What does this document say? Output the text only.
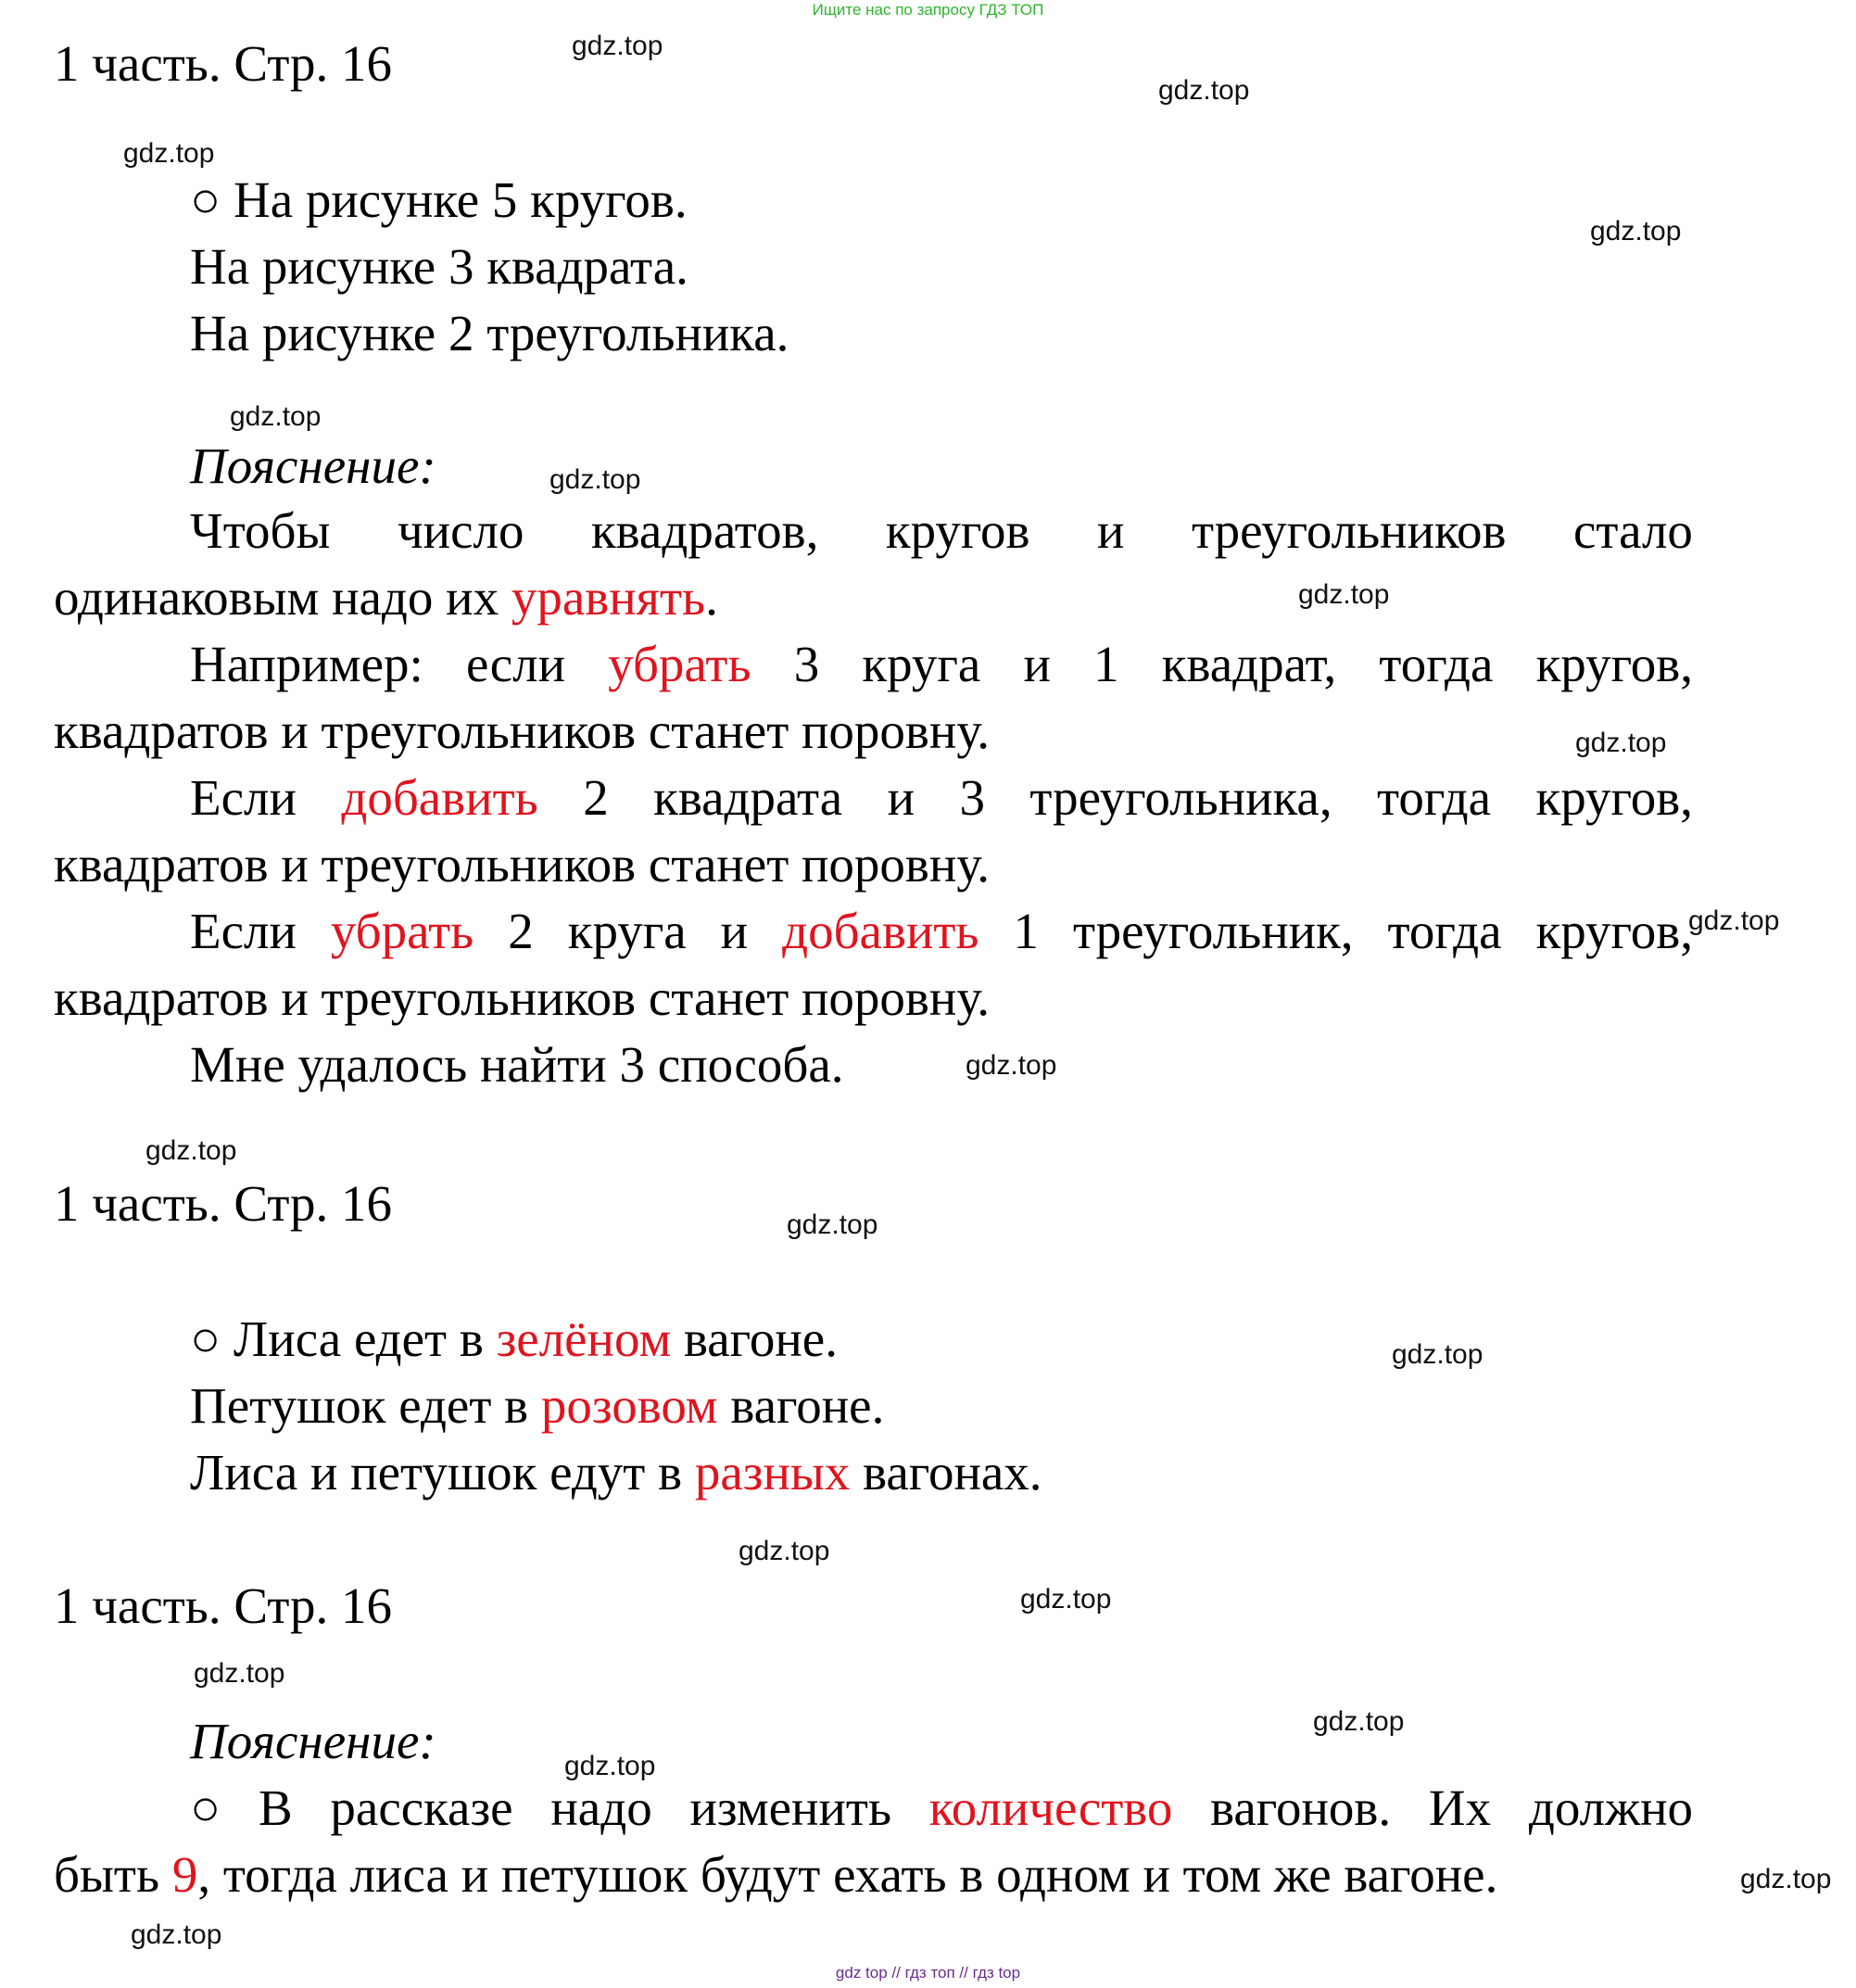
Ищите нас по запросу ГДЗ ТОП
1 часть. Стр. 16
○ На рисунке 5 кругов.
На рисунке 3 квадрата.
На рисунке 2 треугольника.
Пояснение:
Чтобы число квадратов, кругов и треугольников стало
одинаковым надо их уравнять.
Например: если убрать 3 круга и 1 квадрат, тогда кругов,
квадратов и треугольников станет поровну.
Если добавить 2 квадрата и 3 треугольника, тогда кругов,
квадратов и треугольников станет поровну.
Если убрать 2 круга и добавить 1 треугольник, тогда кругов,
квадратов и треугольников станет поровну.
Мне удалось найти 3 способа.
1 часть. Стр. 16
○ Лиса едет в зелёном вагоне.
Петушок едет в розовом вагоне.
Лиса и петушок едут в разных вагонах.
1 часть. Стр. 16
Пояснение:
○ В рассказе надо изменить количество вагонов. Их должно
быть 9, тогда лиса и петушок будут ехать в одном и том же вагоне.
gdz.top
gdz.top
gdz.top
gdz.top
gdz.top
gdz.top
gdz.top
gdz.top
gdz.top
gdz.top
gdz.top
gdz.top
gdz.top
gdz.top
gdz.top
gdz.top
gdz.top
gdz.top
gdz.top
gdz.top
gdz top // гдз топ // гдз top
